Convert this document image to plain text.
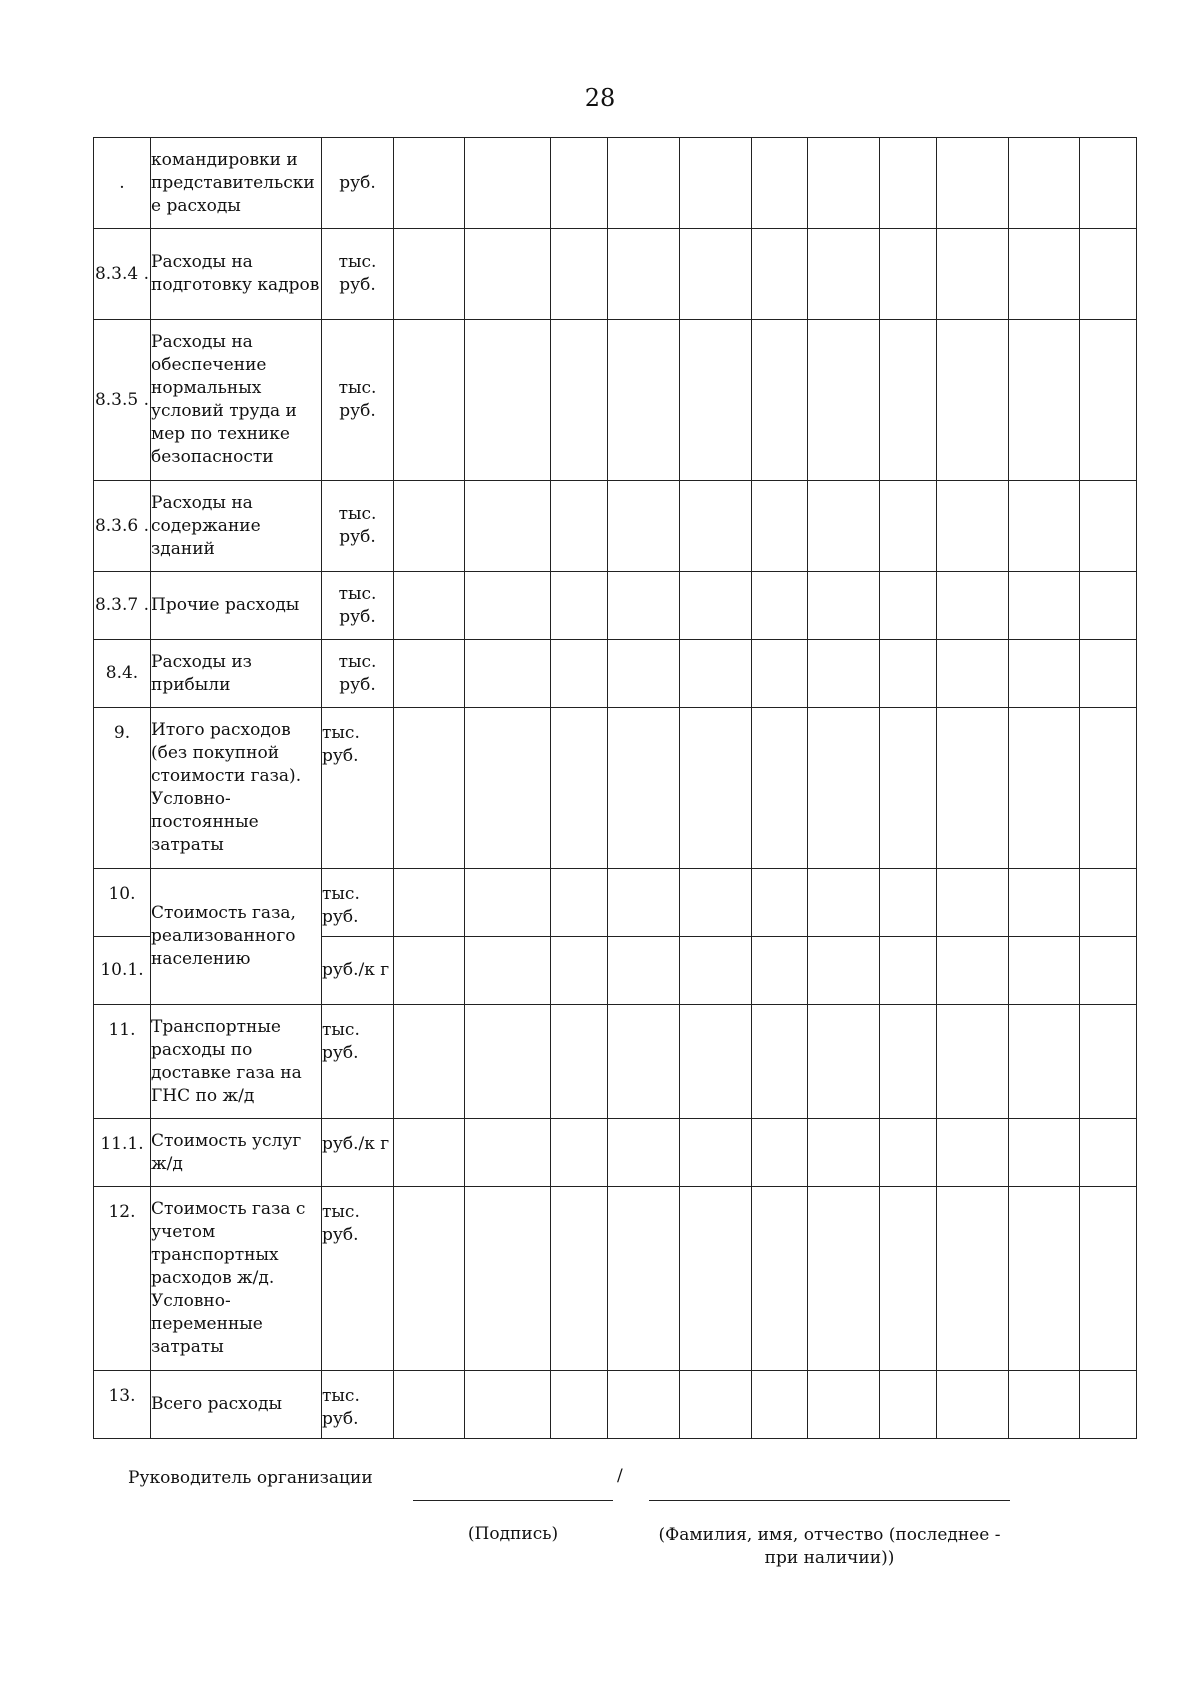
28
.	командировки и представительски е расходы	руб.											
8.3.4 .	Расходы на подготовку кадров	тыс. руб.											
8.3.5 .	Расходы на обеспечение нормальных условий труда и мер по технике безопасности	тыс. руб.											
8.3.6 .	Расходы на содержание зданий	тыс. руб.											
8.3.7 .	Прочие расходы	тыс. руб.											
8.4.	Расходы из прибыли	тыс. руб.											
9.	Итого расходов (без покупной стоимости газа). Условно-постоянные затраты	тыс. руб.											
10.	Стоимость газа, реализованного населению	тыс. руб.											
10.1.		руб./к г											
11.	Транспортные расходы по доставке газа на ГНС по ж/д	тыс. руб.											
11.1.	Стоимость услуг ж/д	руб./к г											
12.	Стоимость газа с учетом транспортных расходов ж/д. Условно-переменные затраты	тыс. руб.											
13.	Всего расходы	тыс. руб.											
Руководитель организации	/
(Подпись)	(Фамилия, имя, отчество (последнее - при наличии))
